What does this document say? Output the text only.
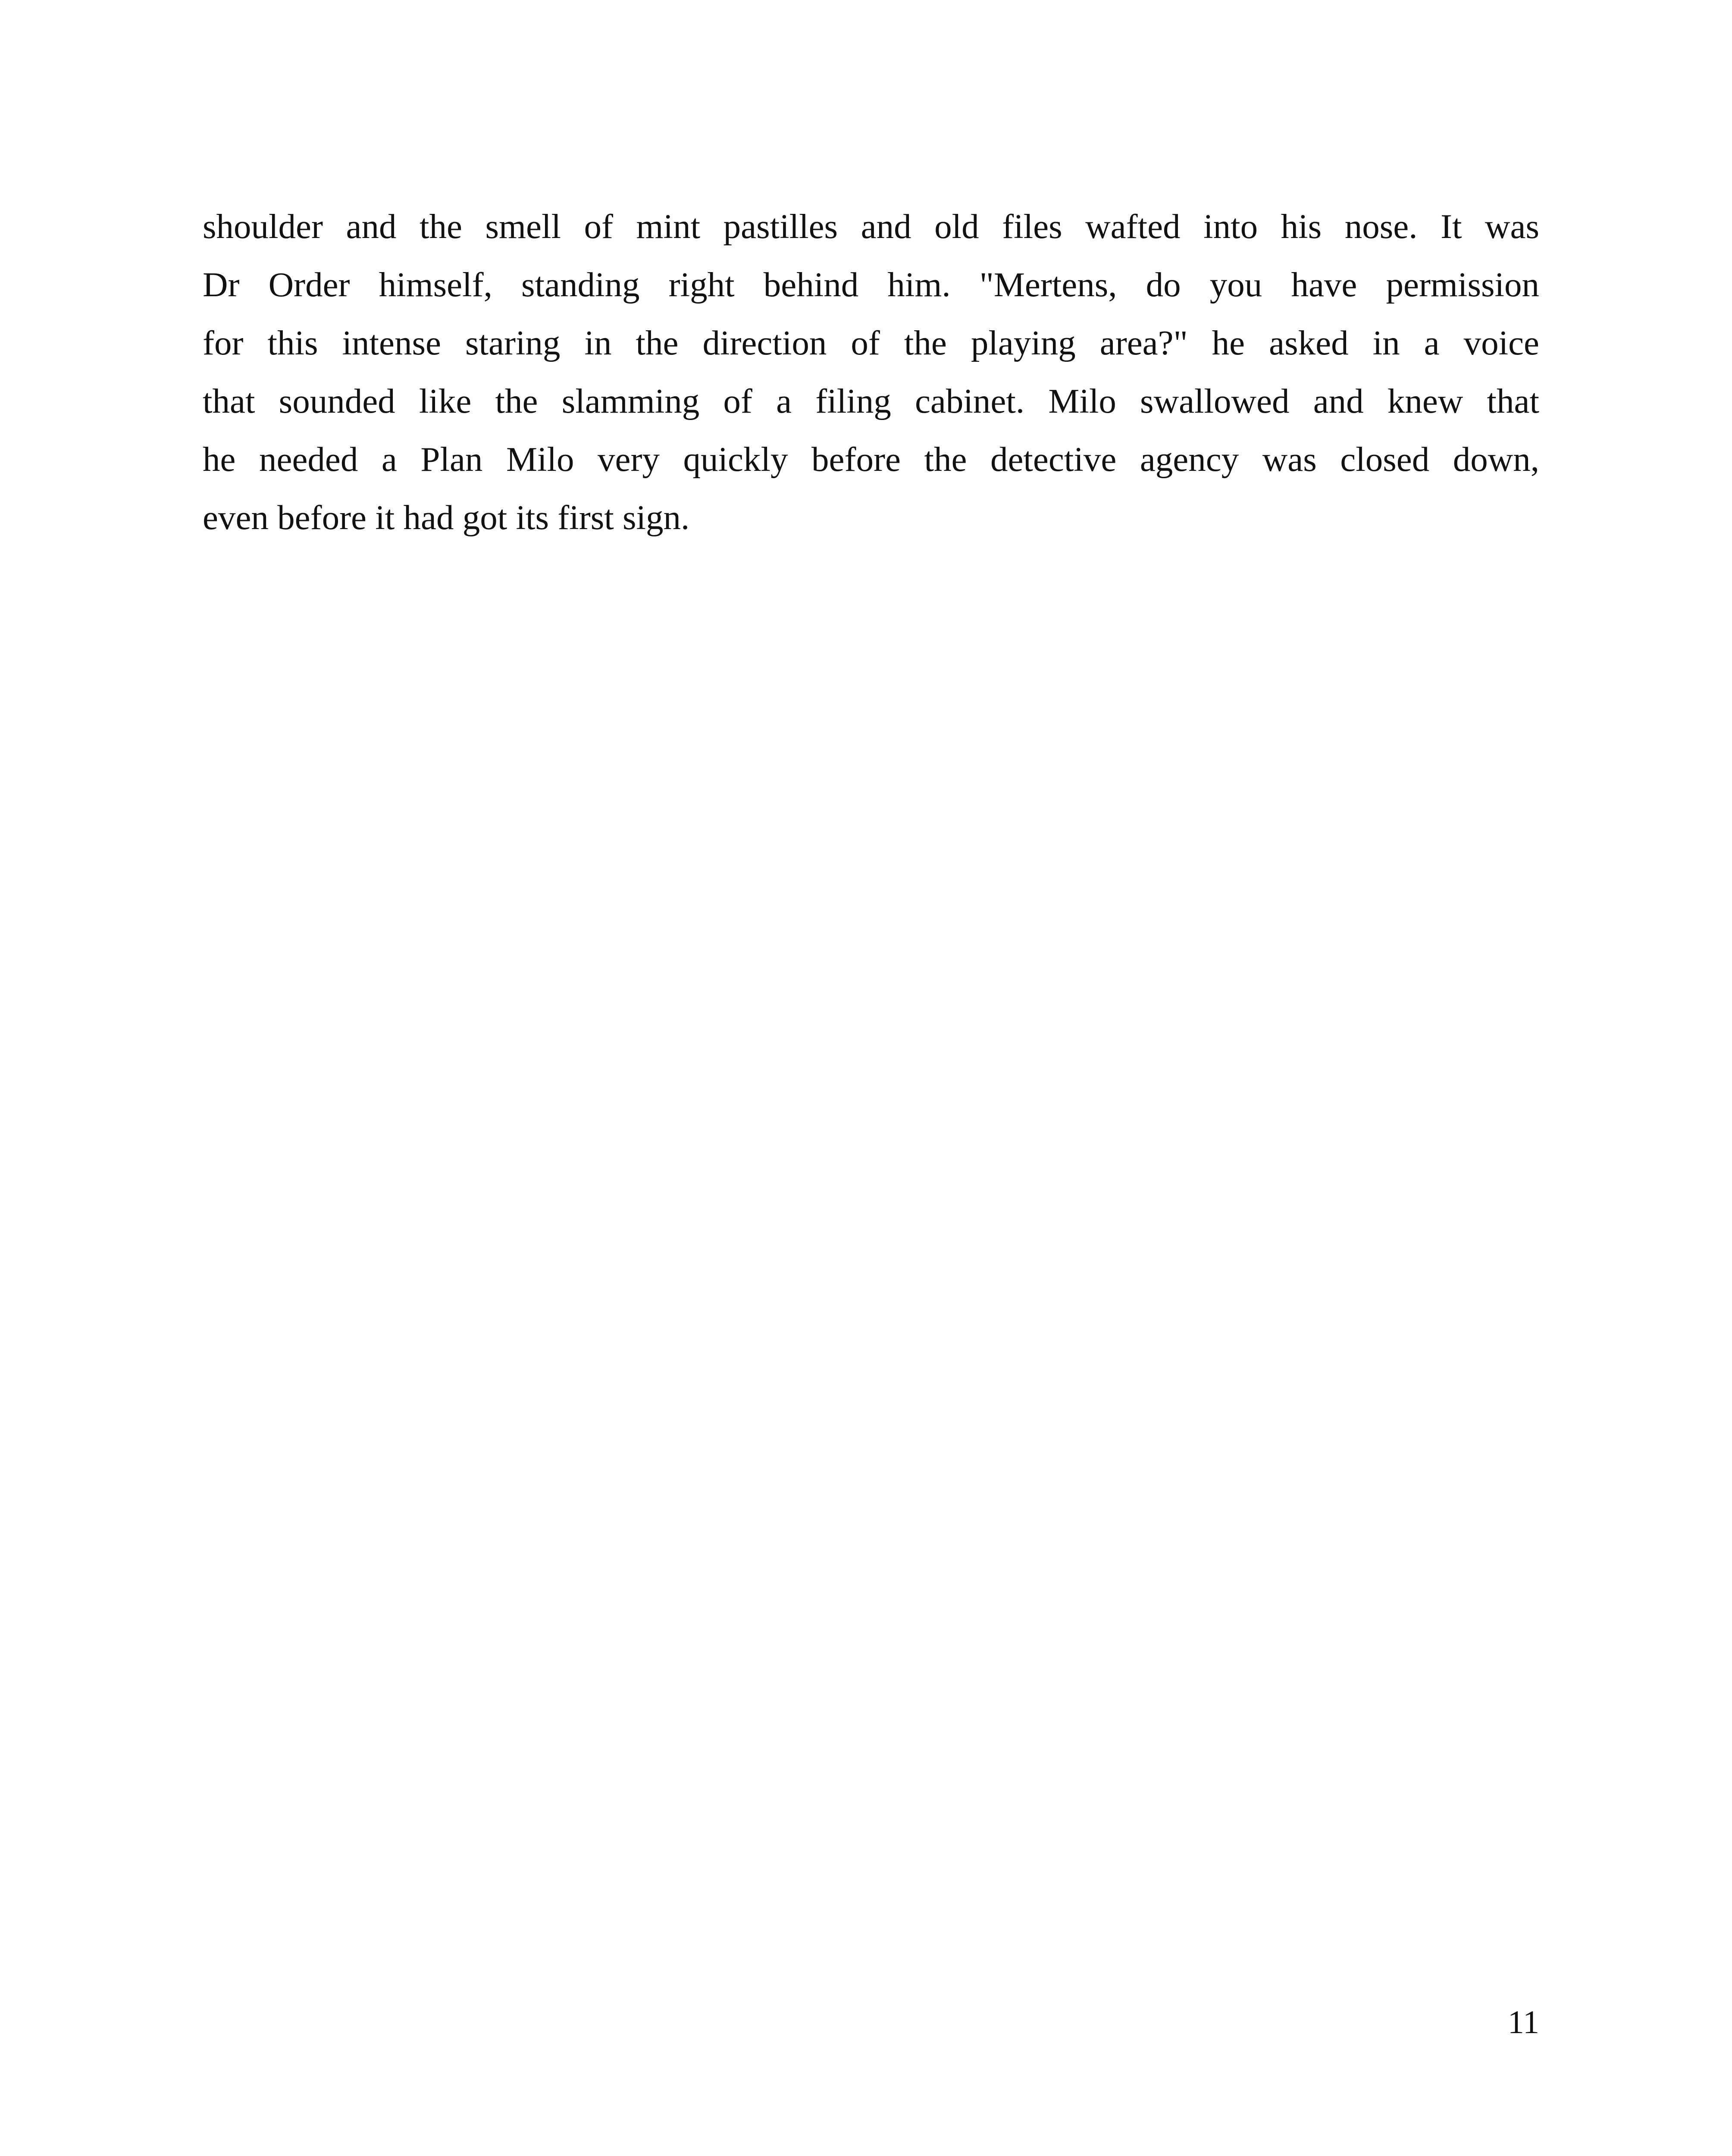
shoulder and the smell of mint pastilles and old files wafted into his nose. It was
Dr Order himself, standing right behind him. "Mertens, do you have permission
for this intense staring in the direction of the playing area?" he asked in a voice
that sounded like the slamming of a filing cabinet. Milo swallowed and knew that
he needed a Plan Milo very quickly before the detective agency was closed down,
even before it had got its first sign.
11
